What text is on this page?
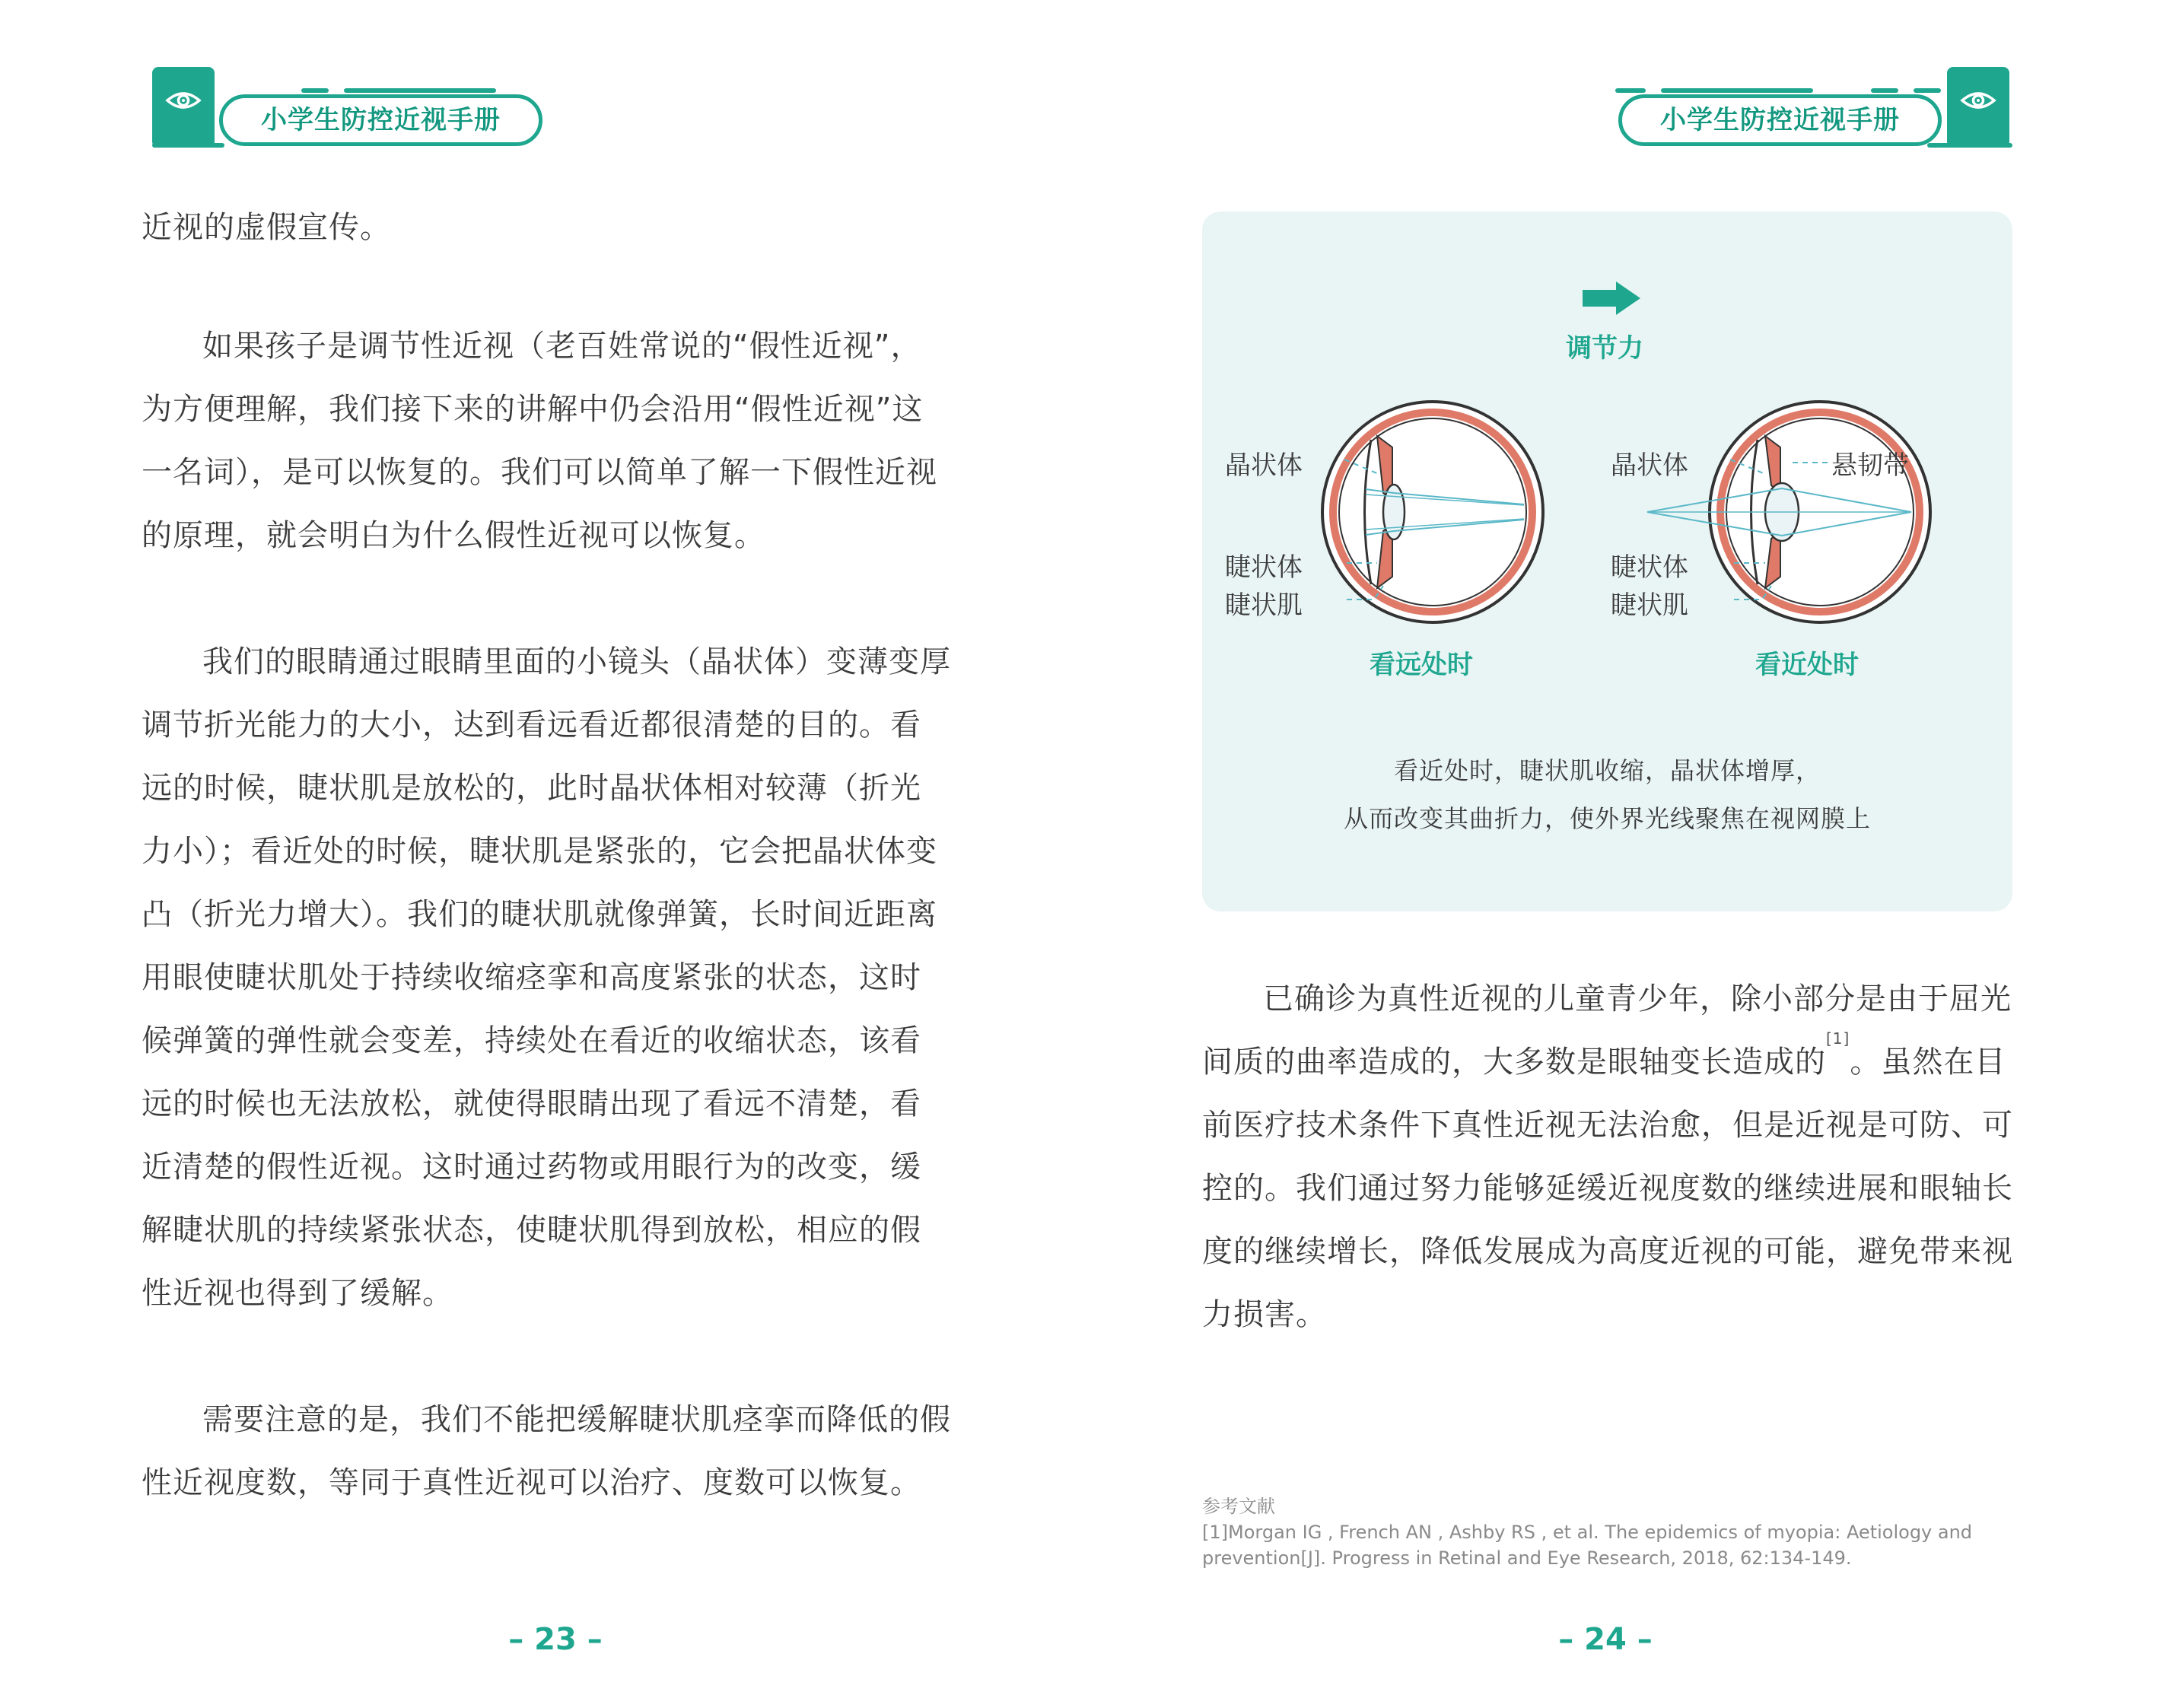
小学生防控近视手册

近视的虚假宣传。

如果孩子是调节性近视（老百姓常说的“假性近视”，为方便理解，我们接下来的讲解中仍会沿用“假性近视”这一名词），是可以恢复的。我们可以简单了解一下假性近视的原理，就会明白为什么假性近视可以恢复。

我们的眼睛通过眼睛里面的小镜头（晶状体）变薄变厚调节折光能力的大小，达到看远看近都很清楚的目的。看远的时候，睫状肌是放松的，此时晶状体相对较薄（折光力小）；看近处的时候，睫状肌是紧张的，它会把晶状体变凸（折光力增大）。我们的睫状肌就像弹簧，长时间近距离用眼使睫状肌处于持续收缩痉挛和高度紧张的状态，这时候弹簧的弹性就会变差，持续处在看近的收缩状态，该看远的时候也无法放松，就使得眼睛出现了看远不清楚，看近清楚的假性近视。这时通过药物或用眼行为的改变，缓解睫状肌的持续紧张状态，使睫状肌得到放松，相应的假性近视也得到了缓解。

需要注意的是，我们不能把缓解睫状肌痉挛而降低的假性近视度数，等同于真性近视可以治疗、度数可以恢复。

– 23 –
小学生防控近视手册
调节力
晶状体
睫状体
睫状肌
看远处时
晶状体	悬韧带
睫状体
睫状肌
看近处时
看近处时，睫状肌收缩，晶状体增厚，
从而改变其曲折力，使外界光线聚焦在视网膜上

已确诊为真性近视的儿童青少年，除小部分是由于屈光间质的曲率造成的，大多数是眼轴变长造成的[1]。虽然在目前医疗技术条件下真性近视无法治愈，但是近视是可防、可控的。我们通过努力能够延缓近视度数的继续进展和眼轴长度的继续增长，降低发展成为高度近视的可能，避免带来视力损害。

参考文献
[1]Morgan IG , French AN , Ashby RS , et al. The epidemics of myopia: Aetiology and prevention[J]. Progress in Retinal and Eye Research, 2018, 62:134-149.
– 24 –
